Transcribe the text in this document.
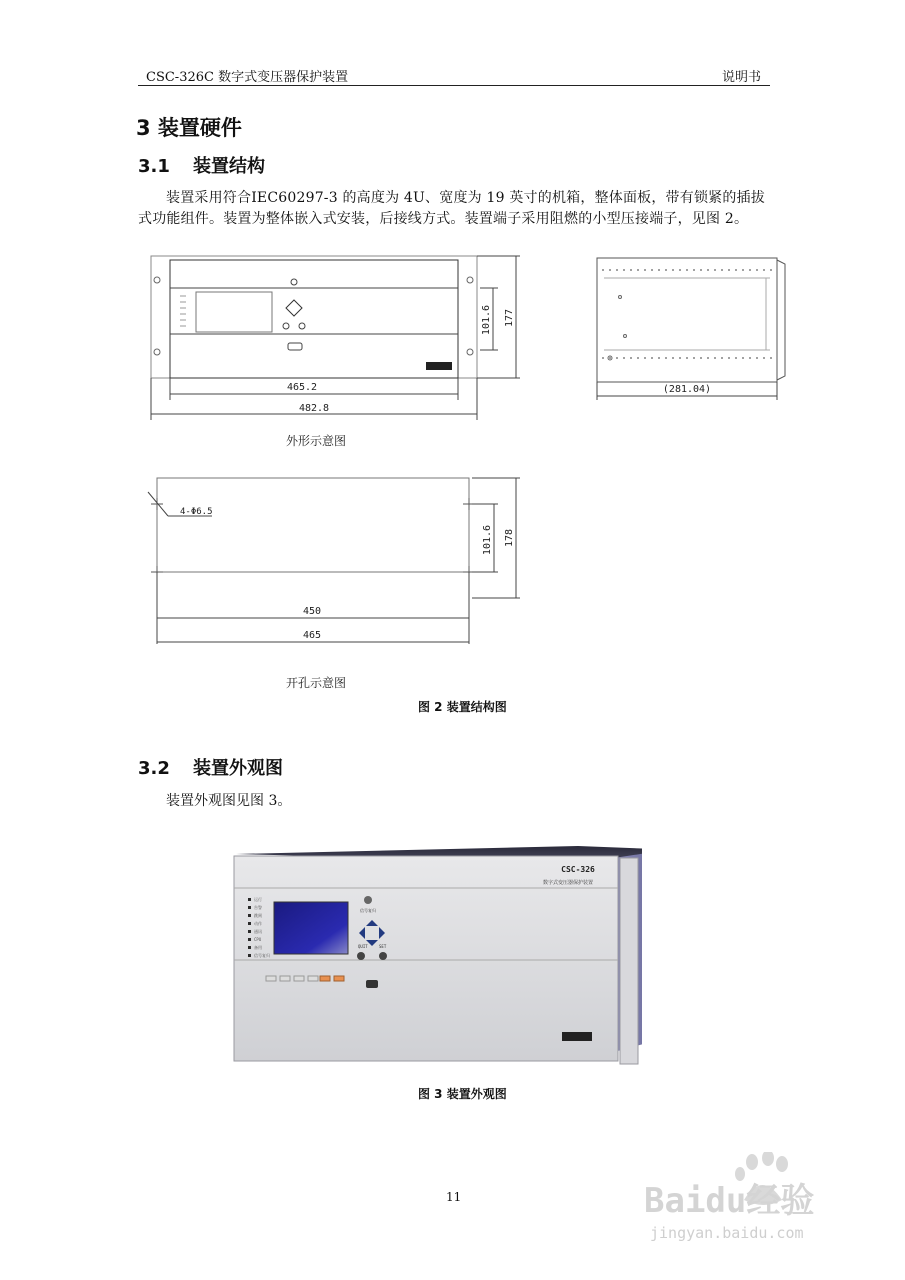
CSC-326C 数字式变压器保护装置	说明书
3 装置硬件
3.1 装置结构
装置采用符合IEC60297-3 的高度为 4U、宽度为 19 英寸的机箱，整体面板，带有锁紧的插拔式功能组件。装置为整体嵌入式安装，后接线方式。装置端子采用阻燃的小型压接端子，见图 2。
465.2
482.8
101.6 177
(281.04)
外形示意图
4-Φ6.5
450
465
101.6 178
开孔示意图
图 2 装置结构图
3.2 装置外观图
装置外观图见图 3。
运行
告警
跳闸
动作
通讯
CPU
备用
信号复归
信号复归
QUIT	SET
CSC-326
数字式变压器保护装置
图 3 装置外观图
11	Baidu经验
jingyan.baidu.com
